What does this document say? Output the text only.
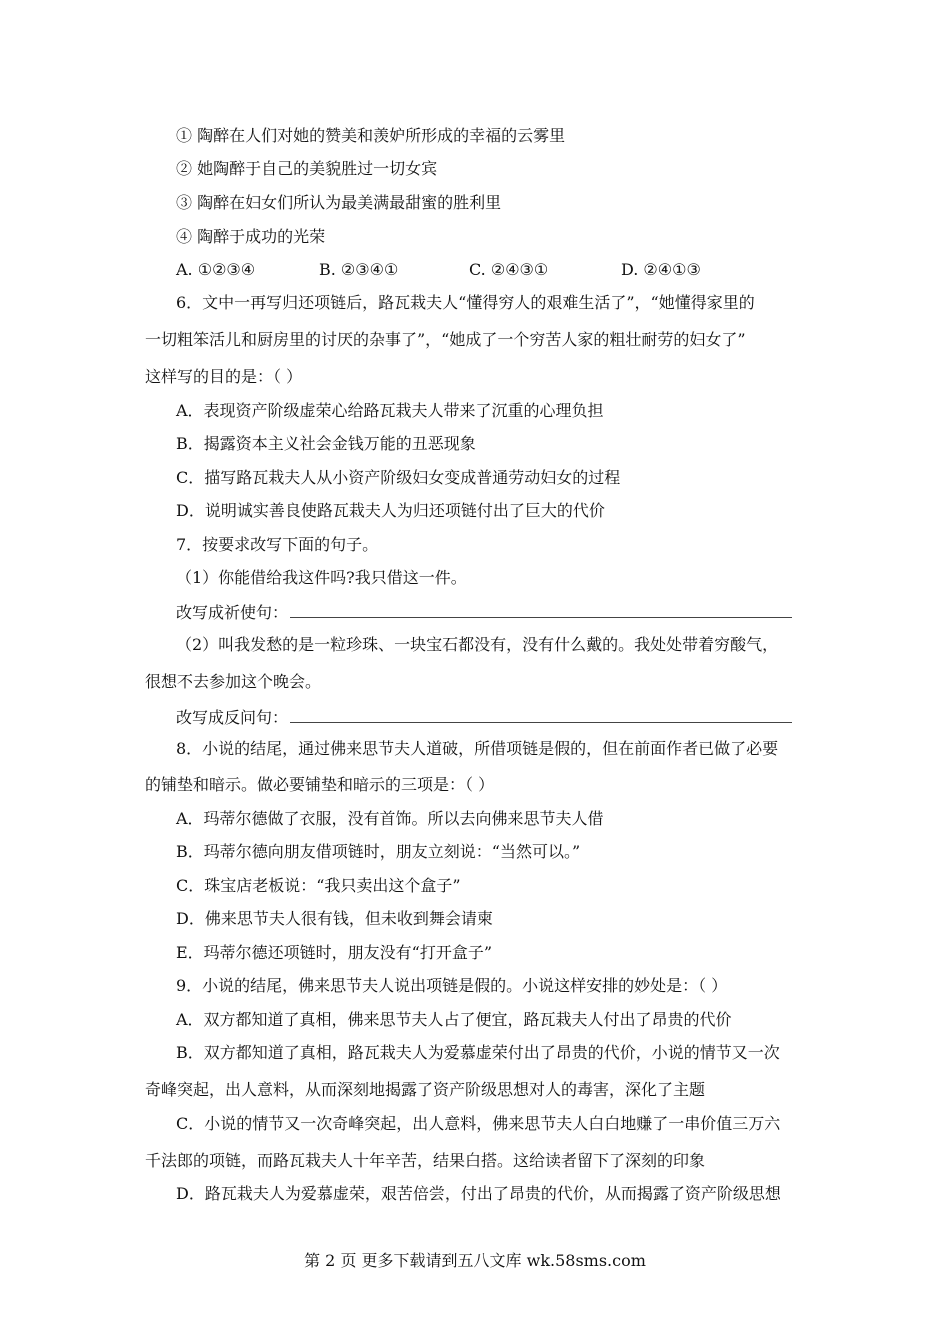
① 陶醉在人们对她的赞美和羡妒所形成的幸福的云雾里
② 她陶醉于自己的美貌胜过一切女宾
③ 陶醉在妇女们所认为最美满最甜蜜的胜利里
④ 陶醉于成功的光荣
A. ①②③④	B. ②③④①	C. ②④③①	D. ②④①③
6．文中一再写归还项链后，路瓦栽夫人“懂得穷人的艰难生活了”，“她懂得家里的
一切粗笨活儿和厨房里的讨厌的杂事了”，“她成了一个穷苦人家的粗壮耐劳的妇女了”
这样写的目的是：（ ）
A．表现资产阶级虚荣心给路瓦栽夫人带来了沉重的心理负担
B．揭露资本主义社会金钱万能的丑恶现象
C．描写路瓦栽夫人从小资产阶级妇女变成普通劳动妇女的过程
D．说明诚实善良使路瓦栽夫人为归还项链付出了巨大的代价
7．按要求改写下面的句子。
（1）你能借给我这件吗?我只借这一件。
改写成祈使句：
（2）叫我发愁的是一粒珍珠、一块宝石都没有，没有什么戴的。我处处带着穷酸气，
很想不去参加这个晚会。
改写成反问句：
8．小说的结尾，通过佛来思节夫人道破，所借项链是假的，但在前面作者已做了必要
的铺垫和暗示。做必要铺垫和暗示的三项是：（ ）
A．玛蒂尔德做了衣服，没有首饰。所以去向佛来思节夫人借
B．玛蒂尔德向朋友借项链时，朋友立刻说：“当然可以。”
C．珠宝店老板说：“我只卖出这个盒子”
D．佛来思节夫人很有钱，但未收到舞会请柬
E．玛蒂尔德还项链时，朋友没有“打开盒子”
9．小说的结尾，佛来思节夫人说出项链是假的。小说这样安排的妙处是：（ ）
A．双方都知道了真相，佛来思节夫人占了便宜，路瓦栽夫人付出了昂贵的代价
B．双方都知道了真相，路瓦栽夫人为爱慕虚荣付出了昂贵的代价，小说的情节又一次
奇峰突起，出人意料，从而深刻地揭露了资产阶级思想对人的毒害，深化了主题
C．小说的情节又一次奇峰突起，出人意料，佛来思节夫人白白地赚了一串价值三万六
千法郎的项链，而路瓦栽夫人十年辛苦，结果白搭。这给读者留下了深刻的印象
D．路瓦栽夫人为爱慕虚荣，艰苦倍尝，付出了昂贵的代价，从而揭露了资产阶级思想
第 2 页 更多下载请到五八文库 wk.58sms.com
